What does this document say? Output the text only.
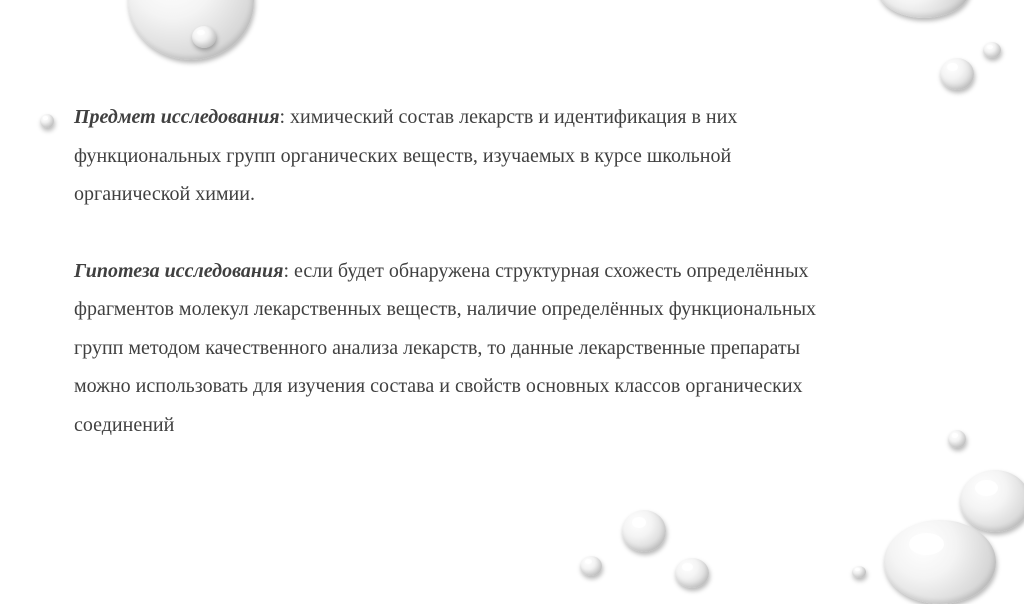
Предмет исследования: химический состав лекарств и идентификация в них функциональных групп органических веществ, изучаемых в курсе школьной органической химии.

Гипотеза исследования: если будет обнаружена структурная схожесть определённых фрагментов молекул лекарственных веществ, наличие определённых функциональных групп методом качественного анализа лекарств, то данные лекарственные препараты можно использовать для изучения состава и свойств основных классов органических соединений
